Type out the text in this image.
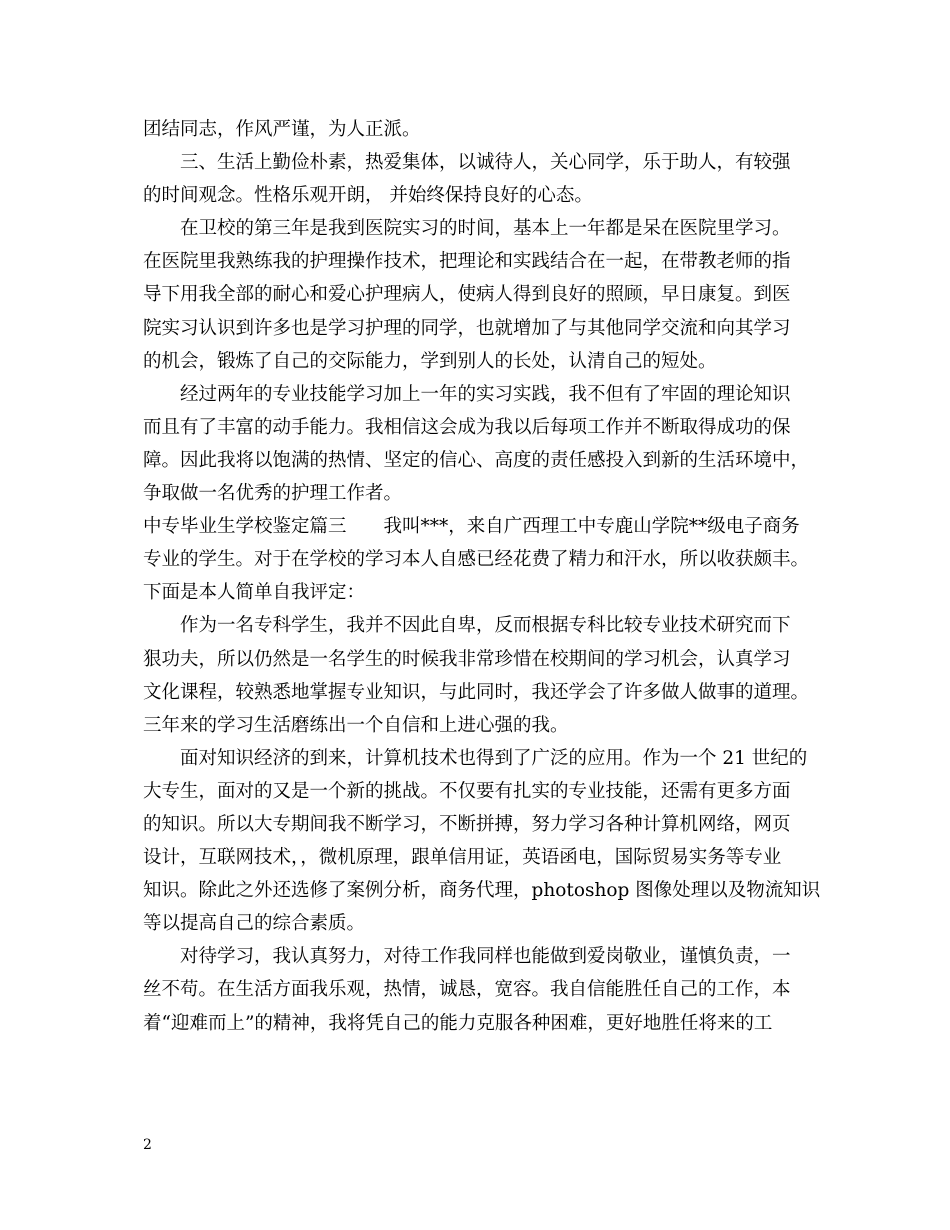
团结同志，作风严谨，为人正派。
三、生活上勤俭朴素，热爱集体，以诚待人，关心同学，乐于助人，有较强
的时间观念。性格乐观开朗， 并始终保持良好的心态。
在卫校的第三年是我到医院实习的时间，基本上一年都是呆在医院里学习。
在医院里我熟练我的护理操作技术，把理论和实践结合在一起，在带教老师的指
导下用我全部的耐心和爱心护理病人，使病人得到良好的照顾，早日康复。到医
院实习认识到许多也是学习护理的同学，也就增加了与其他同学交流和向其学习
的机会，锻炼了自己的交际能力，学到别人的长处，认清自己的短处。
经过两年的专业技能学习加上一年的实习实践，我不但有了牢固的理论知识
而且有了丰富的动手能力。我相信这会成为我以后每项工作并不断取得成功的保
障。因此我将以饱满的热情、坚定的信心、高度的责任感投入到新的生活环境中，
争取做一名优秀的护理工作者。
中专毕业生学校鉴定篇三　　我叫***，来自广西理工中专鹿山学院**级电子商务
专业的学生。对于在学校的学习本人自感已经花费了精力和汗水，所以收获颇丰。
下面是本人简单自我评定：
作为一名专科学生，我并不因此自卑，反而根据专科比较专业技术研究而下
狠功夫，所以仍然是一名学生的时候我非常珍惜在校期间的学习机会，认真学习
文化课程，较熟悉地掌握专业知识，与此同时，我还学会了许多做人做事的道理。
三年来的学习生活磨练出一个自信和上进心强的我。
面对知识经济的到来，计算机技术也得到了广泛的应用。作为一个 21 世纪的
大专生，面对的又是一个新的挑战。不仅要有扎实的专业技能，还需有更多方面
的知识。所以大专期间我不断学习，不断拼搏，努力学习各种计算机网络，网页
设计，互联网技术，，微机原理，跟单信用证，英语函电，国际贸易实务等专业
知识。除此之外还选修了案例分析，商务代理，photoshop 图像处理以及物流知识
等以提高自己的综合素质。
对待学习，我认真努力，对待工作我同样也能做到爱岗敬业，谨慎负责，一
丝不苟。在生活方面我乐观，热情，诚恳，宽容。我自信能胜任自己的工作，本
着“迎难而上”的精神，我将凭自己的能力克服各种困难，更好地胜任将来的工
2
